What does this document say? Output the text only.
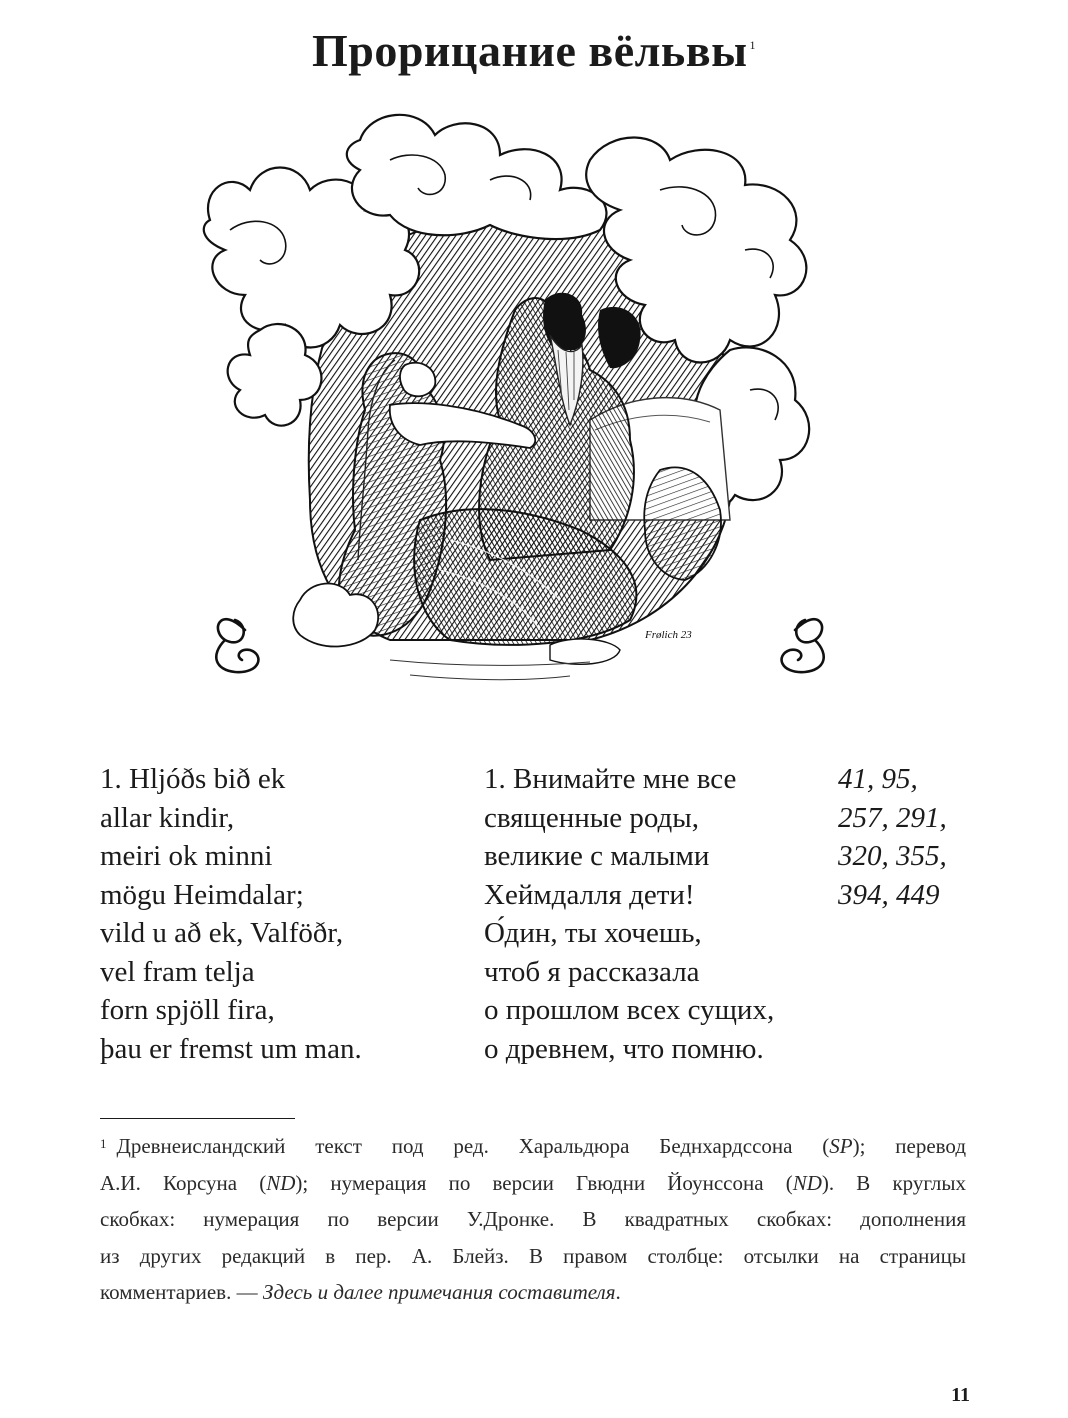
Прорицание вёльвы $^1$
Frølich 23
1. Hljóðs bið ek
allar kindir,
meiri ok minni
mögu Heimdalar;
vild u að ek, Valföðr,
vel fram telja
forn spjöll fira,
þau er fremst um man.
1. Внимайте мне все
священные роды,
великие с малыми
Хеймдалля дети!
О́дин, ты хочешь,
чтоб я рассказала
о прошлом всех сущих,
о древнем, что помню.
41, 95,
257, 291,
320, 355,
394, 449
$^1$ Древнеисландский текст под ред. Харальдюра Беднхардссона (SP); перевод
А.И. Корсуна (ND); нумерация по версии Гвюдни Йоунссона (ND). В круглых
скобках: нумерация по версии У.Дронке. В квадратных скобках: дополнения
из других редакций в пер. А. Блейз. В правом столбце: отсылки на страницы
комментариев. — Здесь и далее примечания составителя.
11
